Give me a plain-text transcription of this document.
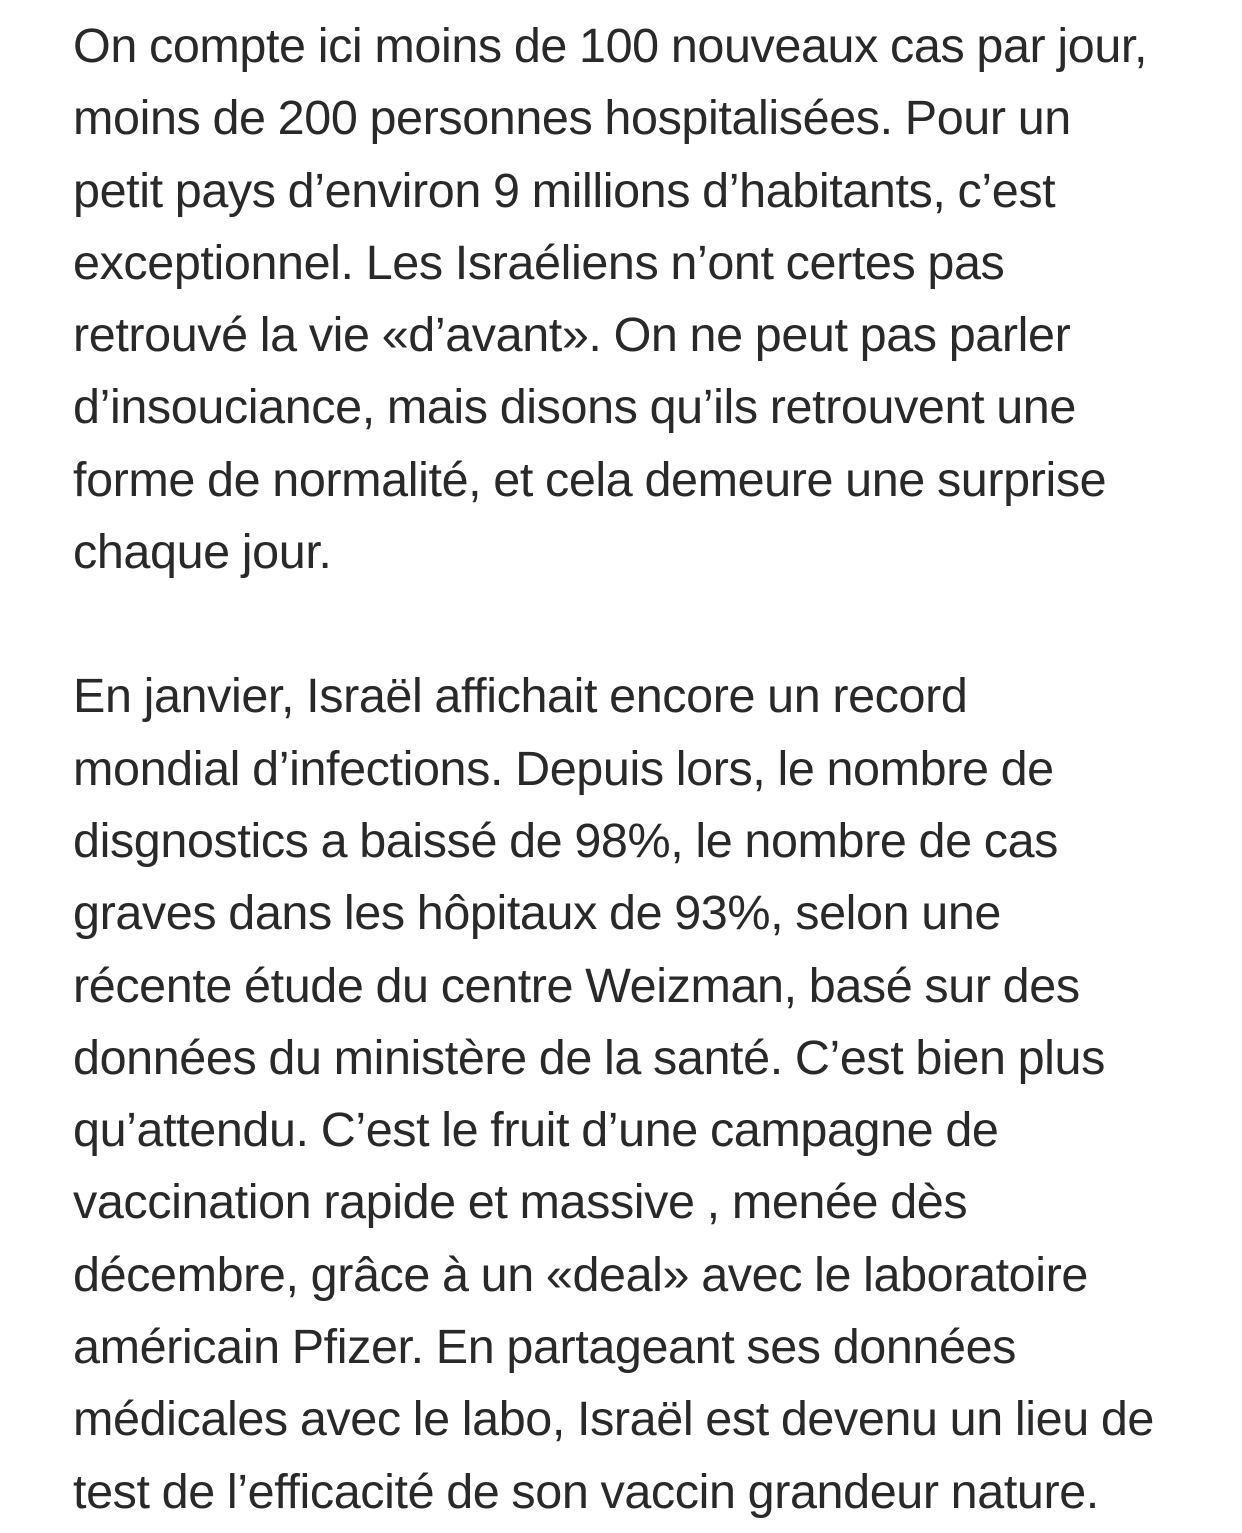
On compte ici moins de 100 nouveaux cas par jour,
moins de 200 personnes hospitalisées. Pour un
petit pays d’environ 9 millions d’habitants, c’est
exceptionnel. Les Israéliens n’ont certes pas
retrouvé la vie «d’avant». On ne peut pas parler
d’insouciance, mais disons qu’ils retrouvent une
forme de normalité, et cela demeure une surprise
chaque jour.

En janvier, Israël affichait encore un record
mondial d’infections. Depuis lors, le nombre de
disgnostics a baissé de 98%, le nombre de cas
graves dans les hôpitaux de 93%, selon une
récente étude du centre Weizman, basé sur des
données du ministère de la santé. C’est bien plus
qu’attendu. C’est le fruit d’une campagne de
vaccination rapide et massive , menée dès
décembre, grâce à un «deal» avec le laboratoire
américain Pfizer. En partageant ses données
médicales avec le labo, Israël est devenu un lieu de
test de l’efficacité de son vaccin grandeur nature.
